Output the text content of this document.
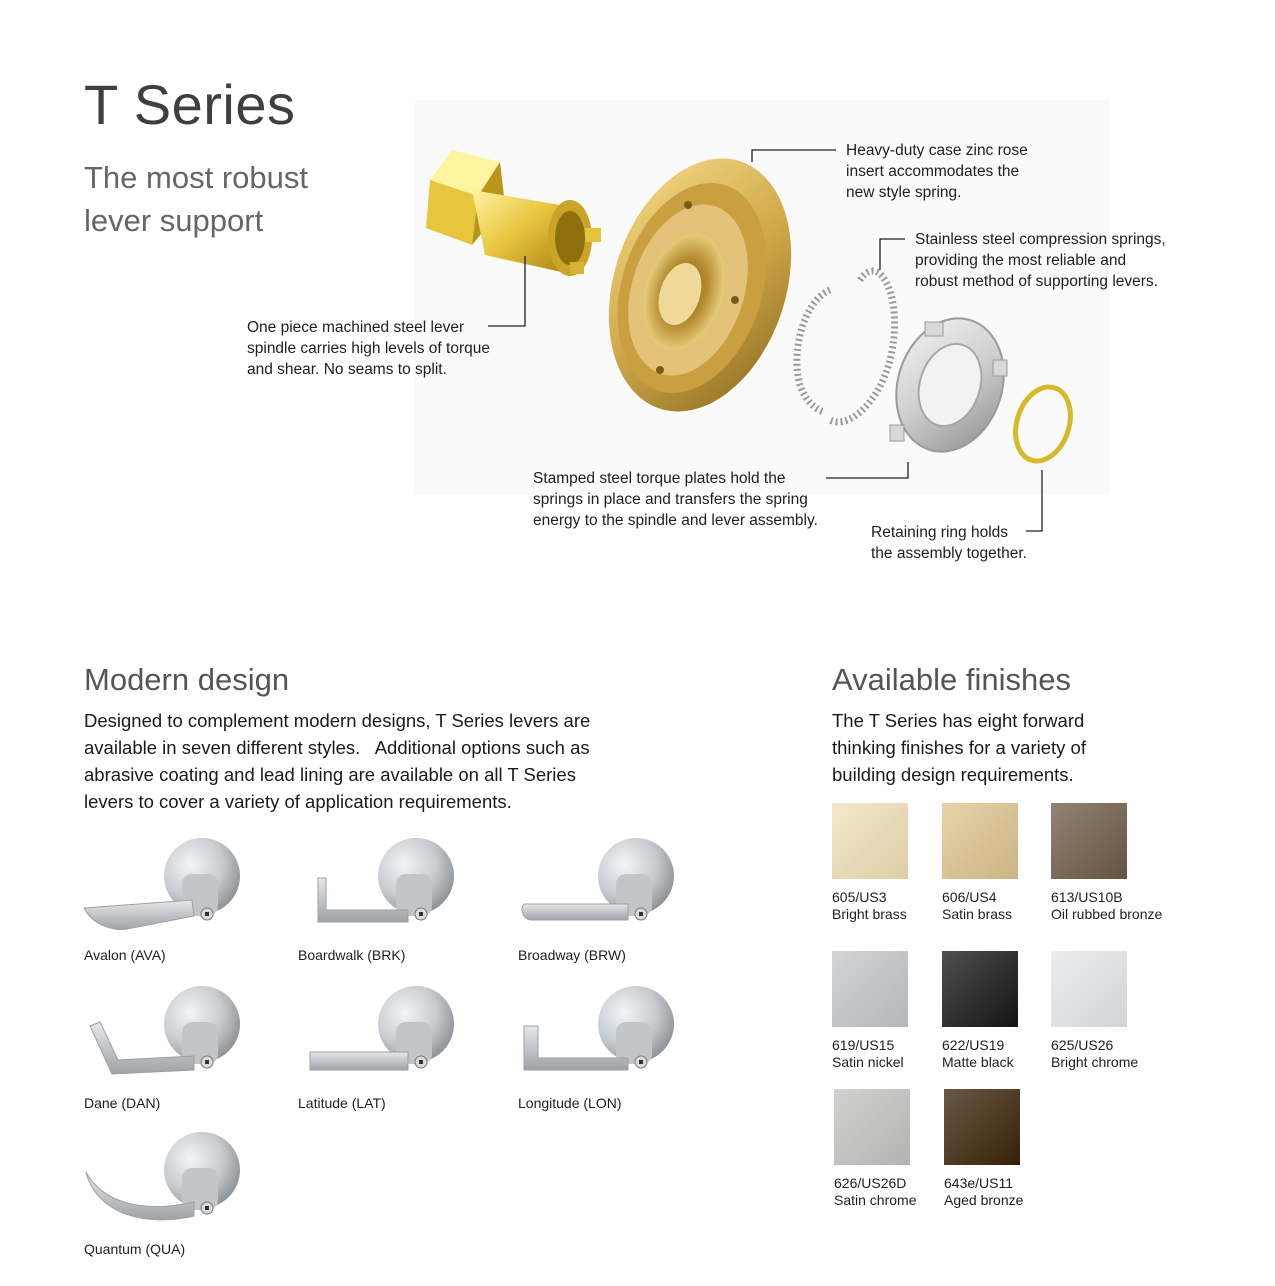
T Series
The most robust
lever support
Heavy-duty case zinc rose
insert accommodates the
new style spring.
Stainless steel compression springs,
providing the most reliable and
robust method of supporting levers.
One piece machined steel lever
spindle carries high levels of torque
and shear. No seams to split.
Stamped steel torque plates hold the
springs in place and transfers the spring
energy to the spindle and lever assembly.
Retaining ring holds
the assembly together.
Modern design
Designed to complement modern designs, T Series levers are
available in seven different styles.   Additional options such as
abrasive coating and lead lining are available on all T Series
levers to cover a variety of application requirements.
Avalon (AVA)	Boardwalk (BRK)	Broadway (BRW)
Dane (DAN)	Latitude (LAT)	Longitude (LON)
Quantum (QUA)
Available finishes
The T Series has eight forward
thinking finishes for a variety of
building design requirements.
605/US3
Bright brass
606/US4
Satin brass
613/US10B
Oil rubbed bronze
619/US15
Satin nickel
622/US19
Matte black
625/US26
Bright chrome
626/US26D
Satin chrome
643e/US11
Aged bronze
